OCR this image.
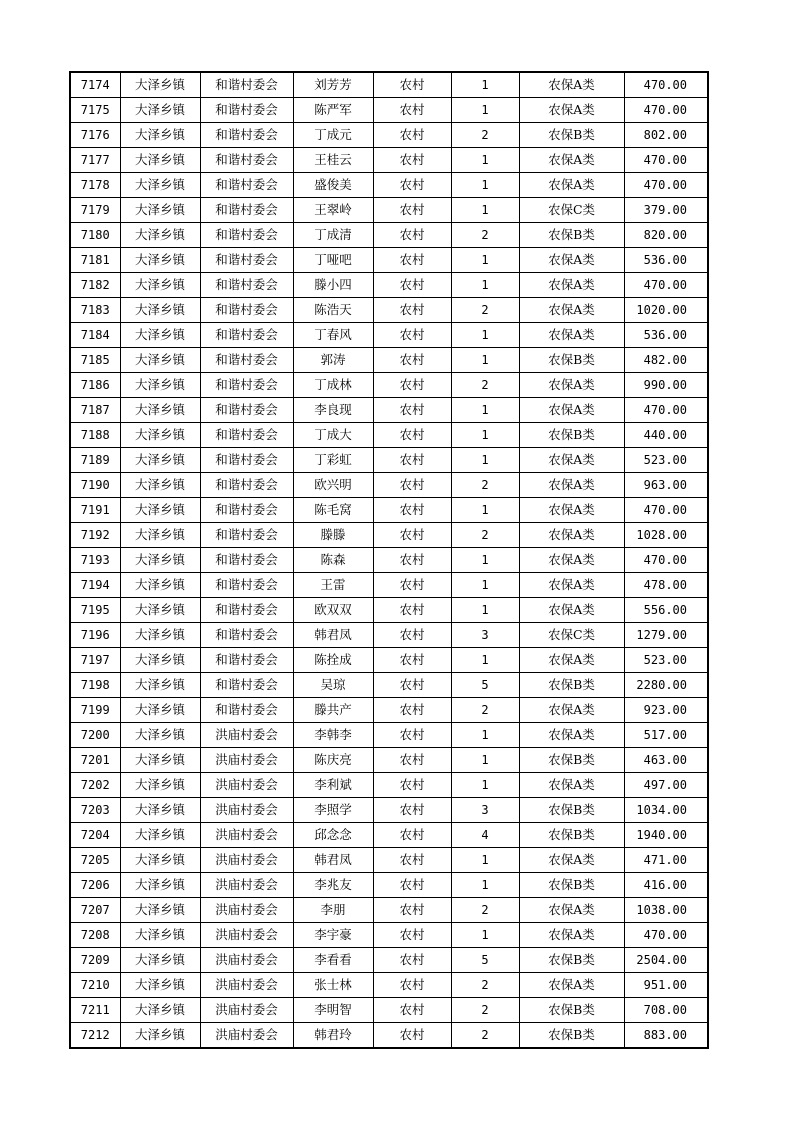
7174	大泽乡镇	和谐村委会	刘芳芳	农村	1	农保A类	470.00
7175	大泽乡镇	和谐村委会	陈严军	农村	1	农保A类	470.00
7176	大泽乡镇	和谐村委会	丁成元	农村	2	农保B类	802.00
7177	大泽乡镇	和谐村委会	王桂云	农村	1	农保A类	470.00
7178	大泽乡镇	和谐村委会	盛俊美	农村	1	农保A类	470.00
7179	大泽乡镇	和谐村委会	王翠岭	农村	1	农保C类	379.00
7180	大泽乡镇	和谐村委会	丁成清	农村	2	农保B类	820.00
7181	大泽乡镇	和谐村委会	丁哑吧	农村	1	农保A类	536.00
7182	大泽乡镇	和谐村委会	滕小四	农村	1	农保A类	470.00
7183	大泽乡镇	和谐村委会	陈浩天	农村	2	农保A类	1020.00
7184	大泽乡镇	和谐村委会	丁春风	农村	1	农保A类	536.00
7185	大泽乡镇	和谐村委会	郭涛	农村	1	农保B类	482.00
7186	大泽乡镇	和谐村委会	丁成林	农村	2	农保A类	990.00
7187	大泽乡镇	和谐村委会	李良现	农村	1	农保A类	470.00
7188	大泽乡镇	和谐村委会	丁成大	农村	1	农保B类	440.00
7189	大泽乡镇	和谐村委会	丁彩虹	农村	1	农保A类	523.00
7190	大泽乡镇	和谐村委会	欧兴明	农村	2	农保A类	963.00
7191	大泽乡镇	和谐村委会	陈毛窝	农村	1	农保A类	470.00
7192	大泽乡镇	和谐村委会	滕滕	农村	2	农保A类	1028.00
7193	大泽乡镇	和谐村委会	陈森	农村	1	农保A类	470.00
7194	大泽乡镇	和谐村委会	王雷	农村	1	农保A类	478.00
7195	大泽乡镇	和谐村委会	欧双双	农村	1	农保A类	556.00
7196	大泽乡镇	和谐村委会	韩君凤	农村	3	农保C类	1279.00
7197	大泽乡镇	和谐村委会	陈拴成	农村	1	农保A类	523.00
7198	大泽乡镇	和谐村委会	吴琼	农村	5	农保B类	2280.00
7199	大泽乡镇	和谐村委会	滕共产	农村	2	农保A类	923.00
7200	大泽乡镇	洪庙村委会	李韩李	农村	1	农保A类	517.00
7201	大泽乡镇	洪庙村委会	陈庆亮	农村	1	农保B类	463.00
7202	大泽乡镇	洪庙村委会	李利斌	农村	1	农保A类	497.00
7203	大泽乡镇	洪庙村委会	李照学	农村	3	农保B类	1034.00
7204	大泽乡镇	洪庙村委会	邱念念	农村	4	农保B类	1940.00
7205	大泽乡镇	洪庙村委会	韩君凤	农村	1	农保A类	471.00
7206	大泽乡镇	洪庙村委会	李兆友	农村	1	农保B类	416.00
7207	大泽乡镇	洪庙村委会	李朋	农村	2	农保A类	1038.00
7208	大泽乡镇	洪庙村委会	李宇豪	农村	1	农保A类	470.00
7209	大泽乡镇	洪庙村委会	李看看	农村	5	农保B类	2504.00
7210	大泽乡镇	洪庙村委会	张士林	农村	2	农保A类	951.00
7211	大泽乡镇	洪庙村委会	李明智	农村	2	农保B类	708.00
7212	大泽乡镇	洪庙村委会	韩君玲	农村	2	农保B类	883.00
